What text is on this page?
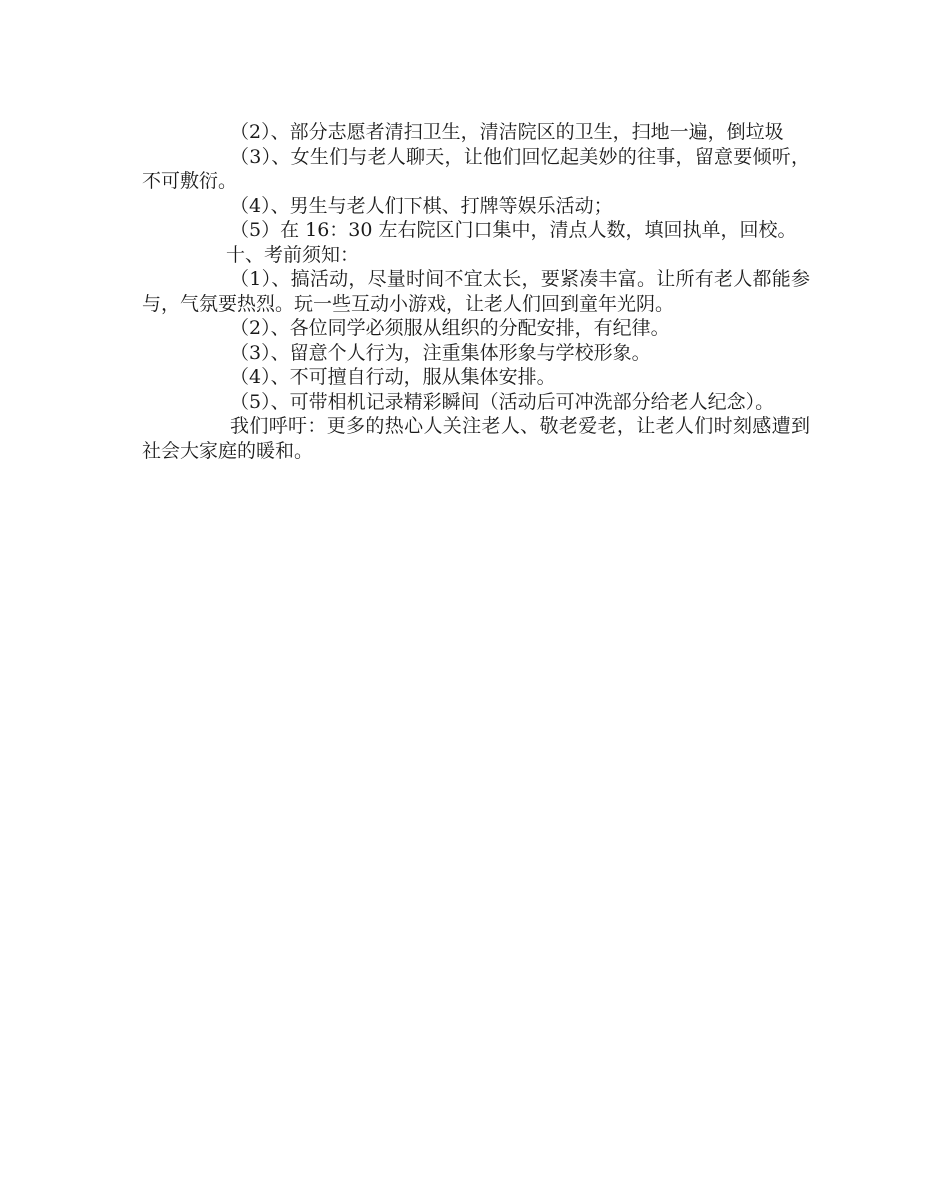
（2）、部分志愿者清扫卫生，清洁院区的卫生，扫地一遍，倒垃圾

（3）、女生们与老人聊天，让他们回忆起美妙的往事，留意要倾听，不可敷衍。

（4）、男生与老人们下棋、打牌等娱乐活动；

（5）在 16：30 左右院区门口集中，清点人数，填回执单，回校。

十、考前须知：

（1）、搞活动，尽量时间不宜太长，要紧凑丰富。让所有老人都能参与，气氛要热烈。玩一些互动小游戏，让老人们回到童年光阴。

（2）、各位同学必须服从组织的分配安排，有纪律。

（3）、留意个人行为，注重集体形象与学校形象。

（4）、不可擅自行动，服从集体安排。

（5）、可带相机记录精彩瞬间（活动后可冲洗部分给老人纪念）。

我们呼吁：更多的热心人关注老人、敬老爱老，让老人们时刻感遭到社会大家庭的暖和。
